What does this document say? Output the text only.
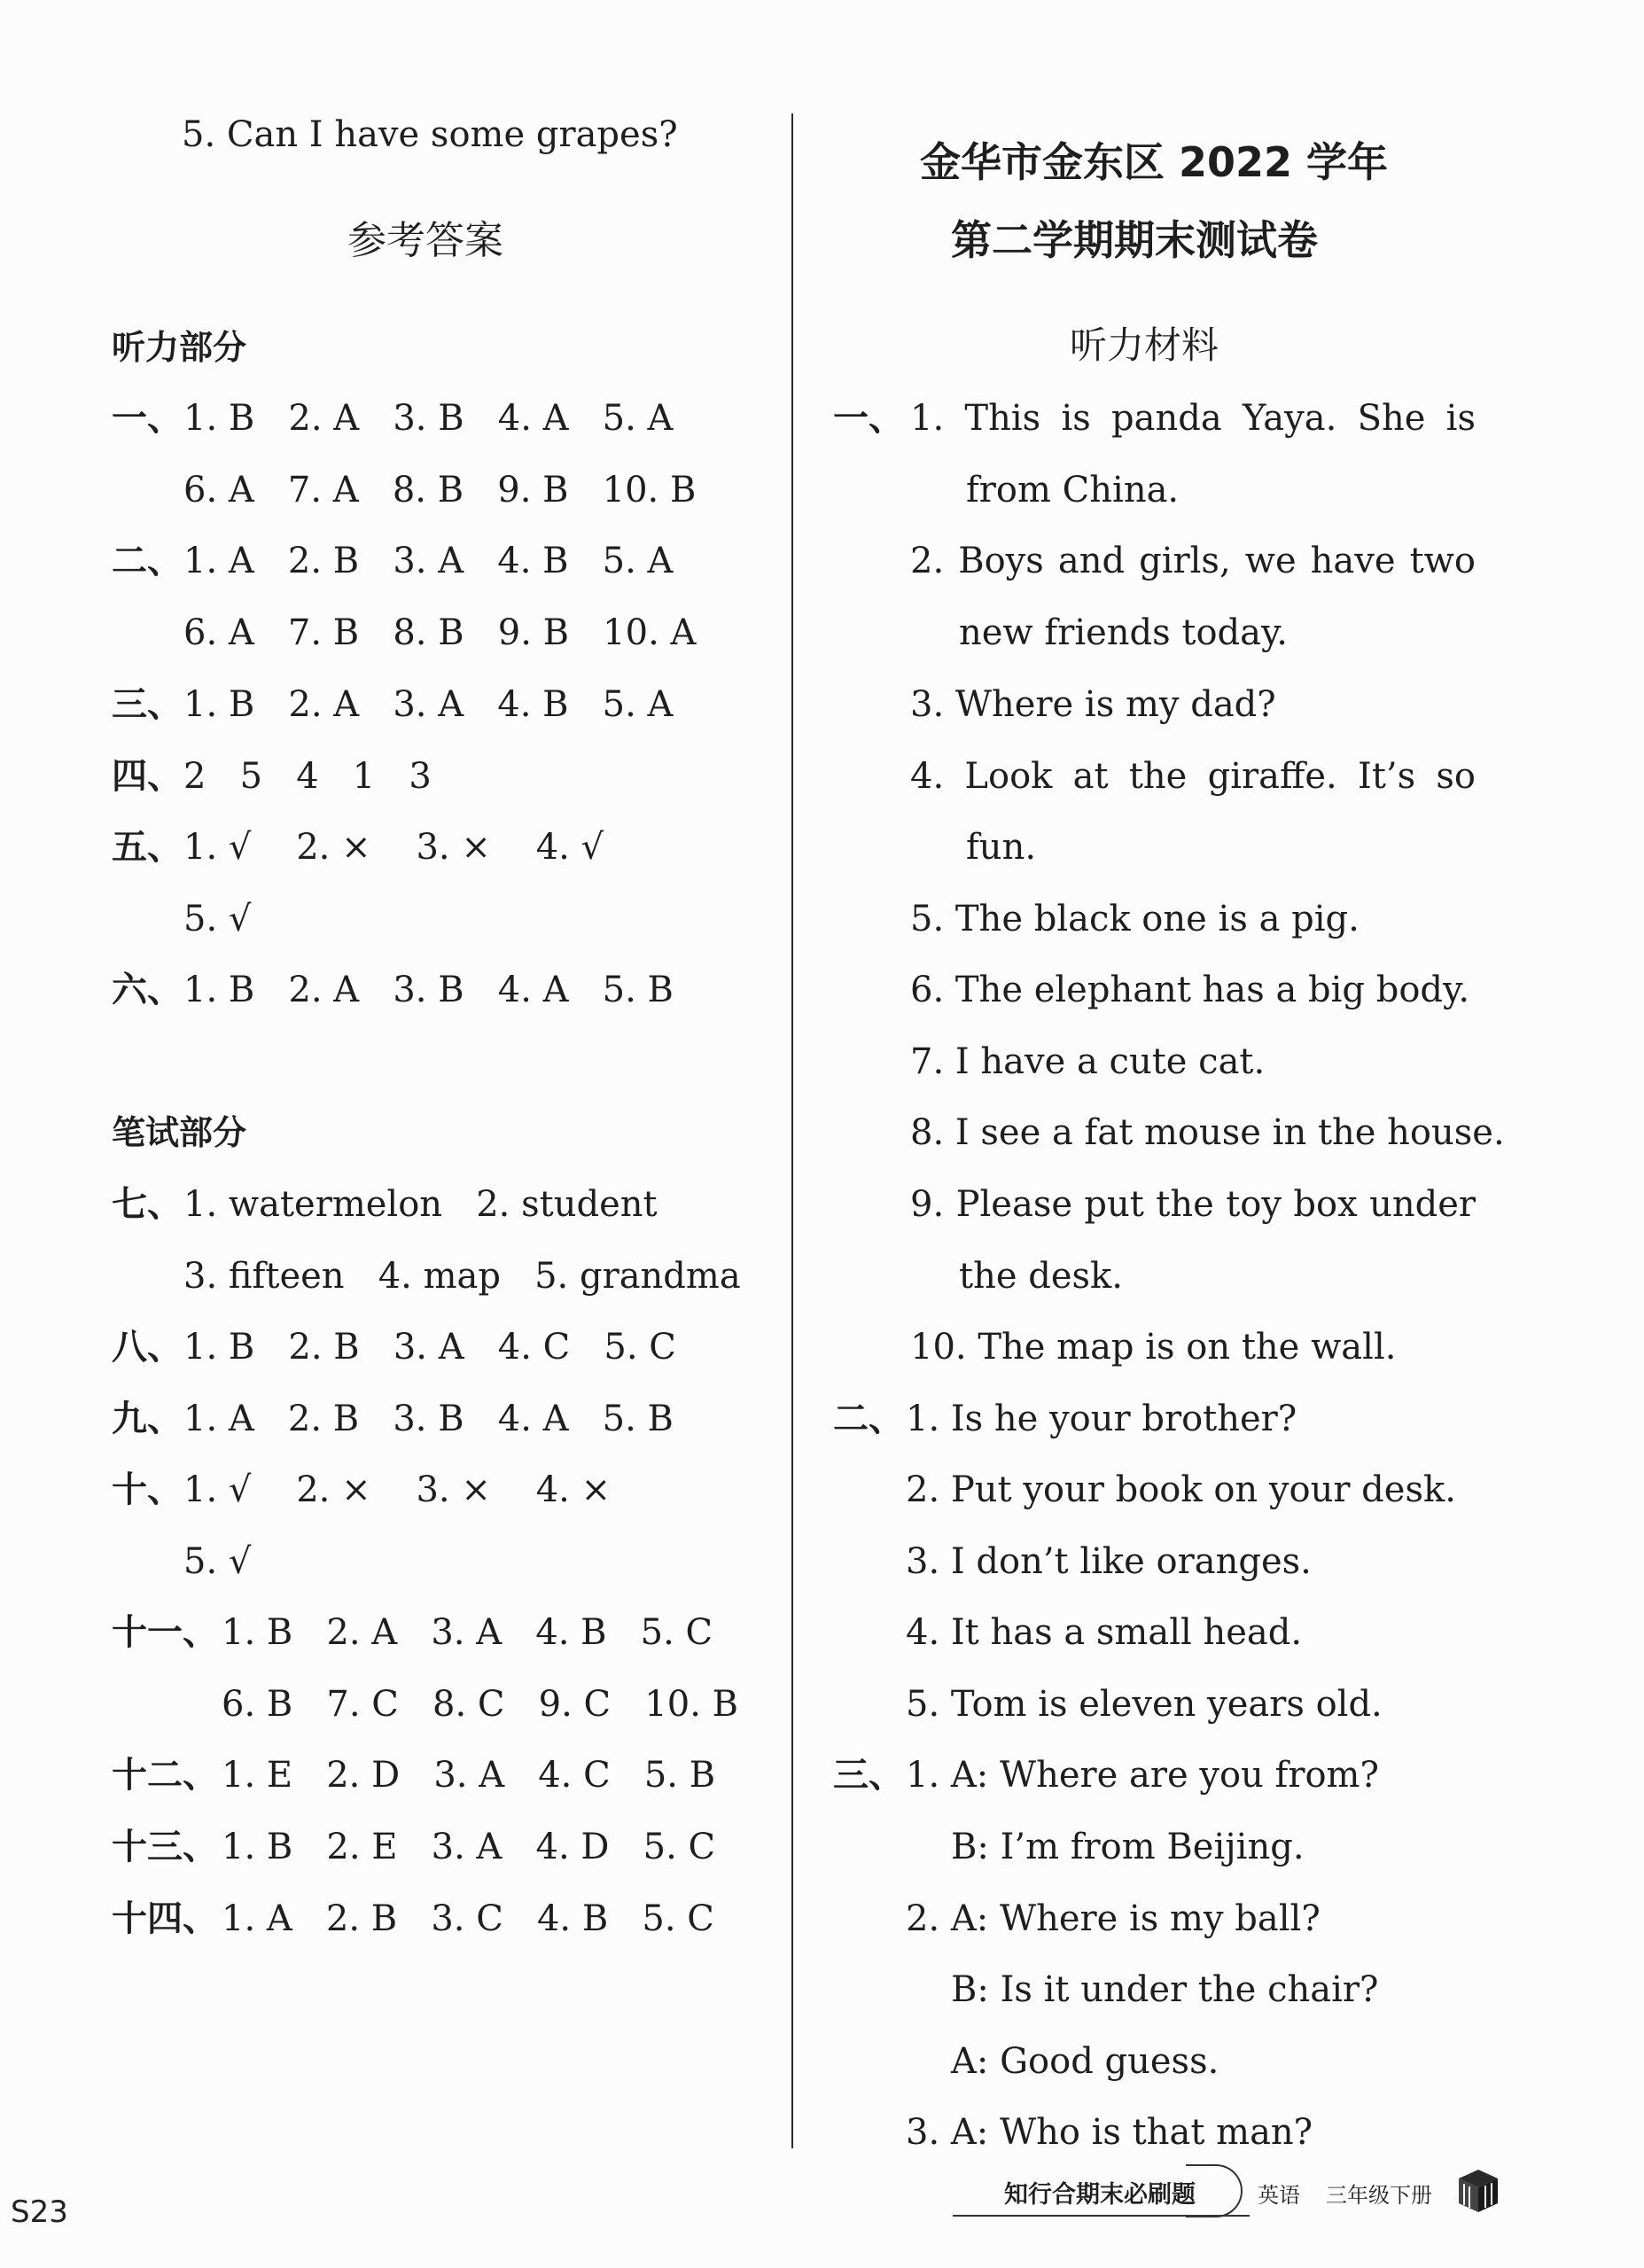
5. Can I have some grapes?
参考答案
听力部分
一、 1. B   2. A   3. B   4. A   5. A
6. A   7. A   8. B   9. B   10. B
二、 1. A   2. B   3. A   4. B   5. A
6. A   7. B   8. B   9. B   10. A
三、 1. B   2. A   3. A   4. B   5. A
四、 2   5   4   1   3
五、 1. √    2. ×    3. ×    4. √
5. √
六、 1. B   2. A   3. B   4. A   5. B
笔试部分
七、 1. watermelon   2. student
3. fifteen   4. map   5. grandma
八、 1. B   2. B   3. A   4. C   5. C
九、 1. A   2. B   3. B   4. A   5. B
十、 1. √    2. ×    3. ×    4. ×
5. √
十一、 1. B   2. A   3. A   4. B   5. C
6. B   7. C   8. C   9. C   10. B
十二、 1. E   2. D   3. A   4. C   5. B
十三、 1. B   2. E   3. A   4. D   5. C
十四、 1. A   2. B   3. C   4. B   5. C
金华市金东区 2022 学年
第二学期期末测试卷
听力材料
一、 1. This is panda Yaya. She is
from China.
2. Boys and girls, we have two
new friends today.
3. Where is my dad?
4. Look at the giraffe. It’s so
fun.
5. The black one is a pig.
6. The elephant has a big body.
7. I have a cute cat.
8. I see a fat mouse in the house.
9. Please put the toy box under
the desk.
10. The map is on the wall.
二、 1. Is he your brother?
2. Put your book on your desk.
3. I don’t like oranges.
4. It has a small head.
5. Tom is eleven years old.
三、 1. A: Where are you from?
B: I’m from Beijing.
2. A: Where is my ball?
B: Is it under the chair?
A: Good guess.
3. A: Who is that man?
S23	知行合期末必刷题	英语 三年级下册
